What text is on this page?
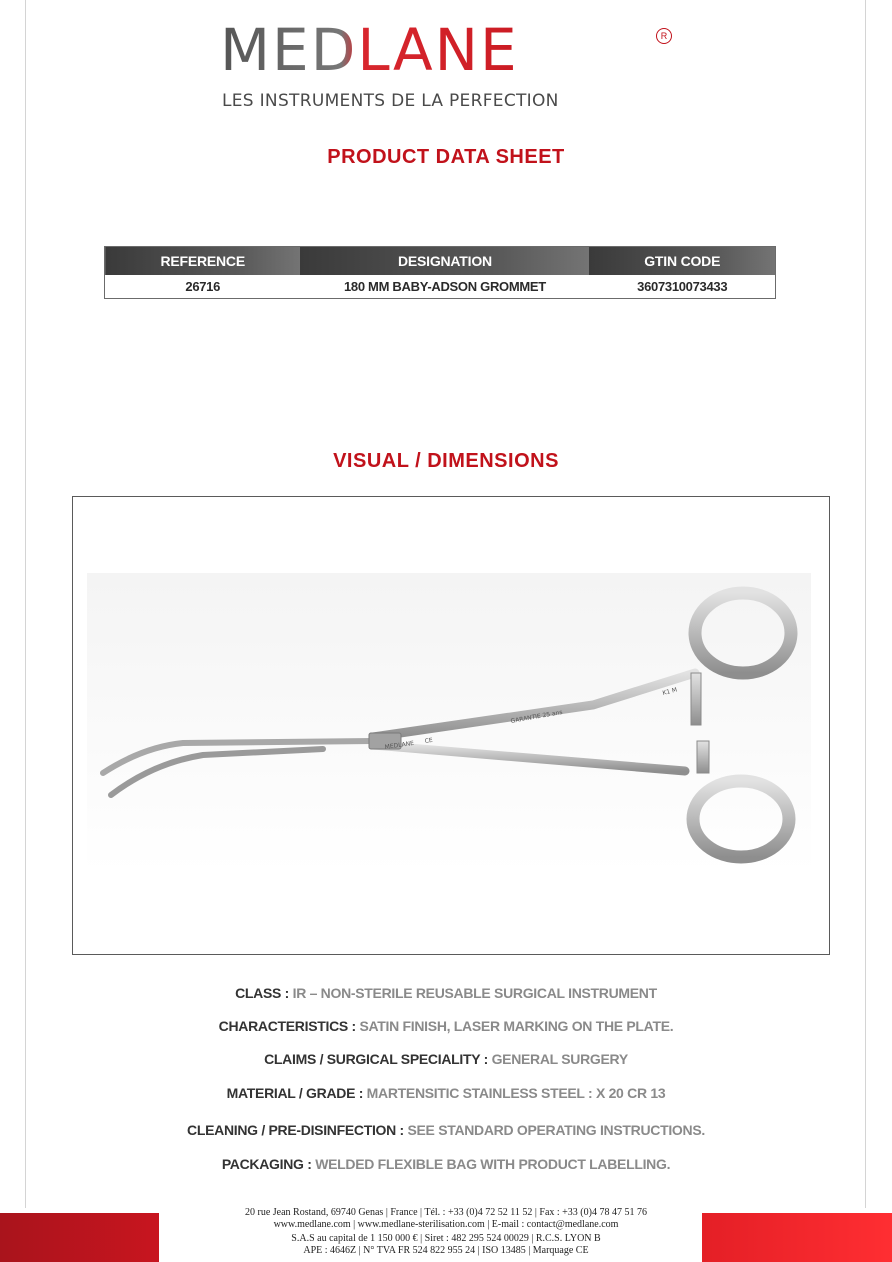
MEDLANE	R
LES INSTRUMENTS DE LA PERFECTION
PRODUCT DATA SHEET
REFERENCE	DESIGNATION	GTIN CODE
26716	180 MM BABY-ADSON GROMMET	3607310073433
VISUAL / DIMENSIONS
MEDLANE CE
GARANTIE 25 ans
K1 M
CLASS : IR – NON-STERILE REUSABLE SURGICAL INSTRUMENT
CHARACTERISTICS : SATIN FINISH, LASER MARKING ON THE PLATE.
CLAIMS / SURGICAL SPECIALITY : GENERAL SURGERY
MATERIAL / GRADE : MARTENSITIC STAINLESS STEEL : X 20 CR 13
CLEANING / PRE-DISINFECTION : SEE STANDARD OPERATING INSTRUCTIONS.
PACKAGING : WELDED FLEXIBLE BAG WITH PRODUCT LABELLING.
20 rue Jean Rostand, 69740 Genas | France | Tél. : +33 (0)4 72 52 11 52 | Fax : +33 (0)4 78 47 51 76
www.medlane.com | www.medlane-sterilisation.com | E-mail : contact@medlane.com
S.A.S au capital de 1 150 000 € | Siret : 482 295 524 00029 | R.C.S. LYON B
APE : 4646Z | N° TVA FR 524 822 955 24 | ISO 13485 | Marquage CE
